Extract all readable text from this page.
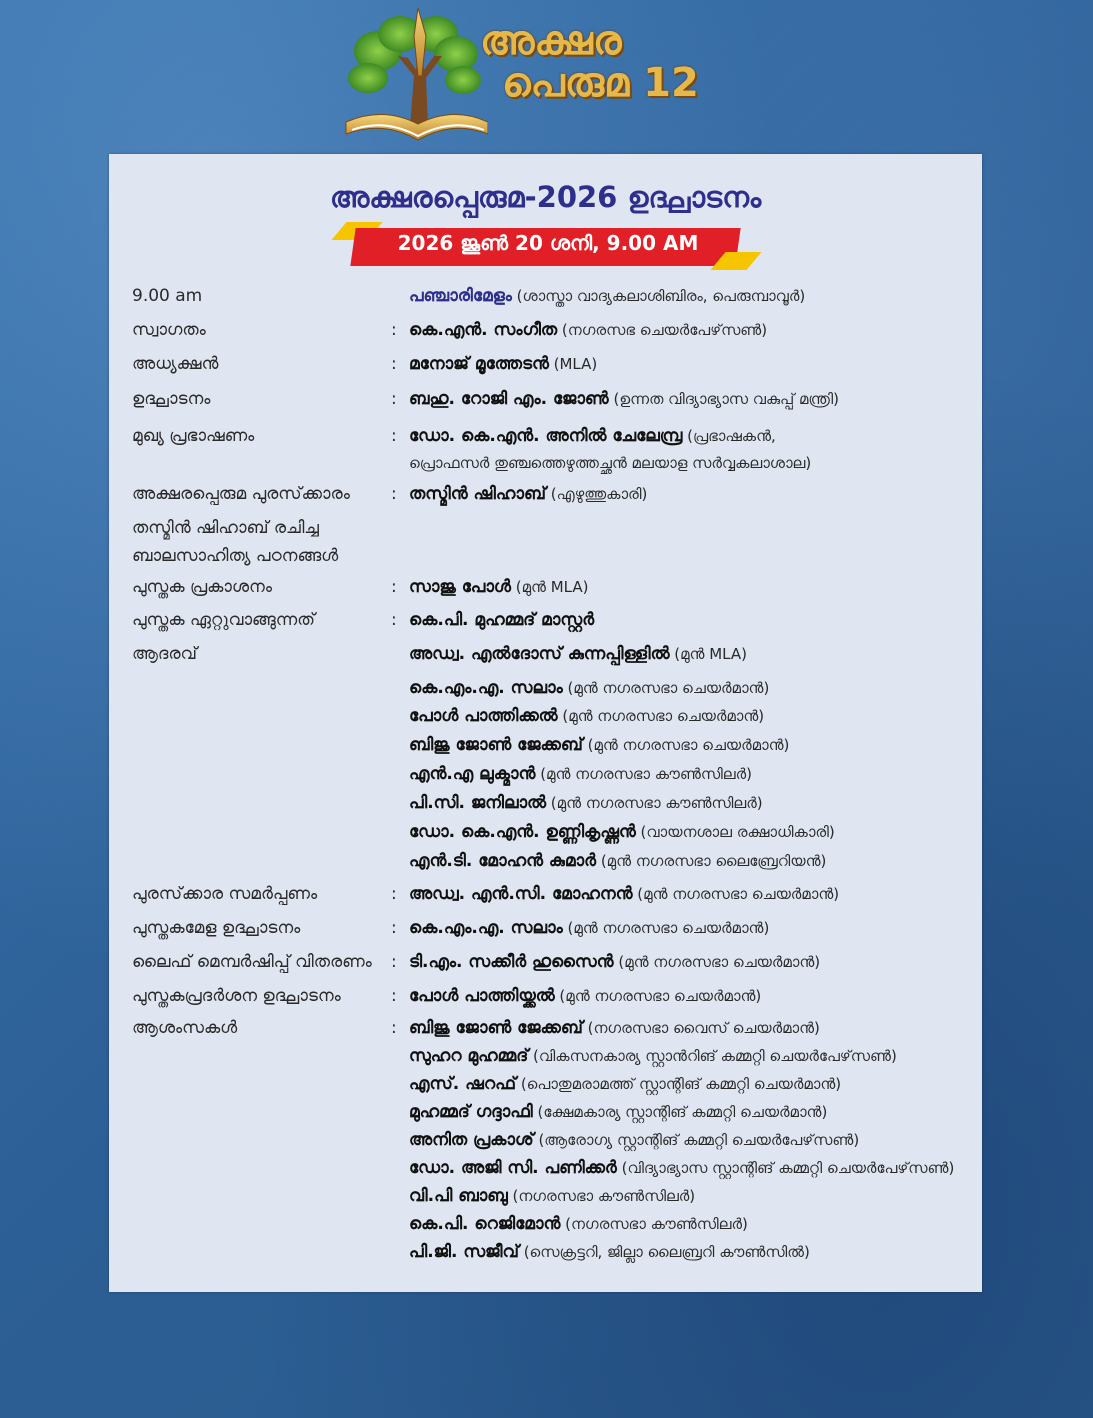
അക്ഷര
പെരുമ 12
അക്ഷരപ്പെരുമ-2026 ഉദ്ഘാടനം
2026 ജൂൺ 20 ശനി, 9.00 AM
9.00 am	പഞ്ചാരിമേളം (ശാസ്താ വാദ്യകലാശിബിരം, പെരുമ്പാവൂർ)
സ്വാഗതം	: കെ.എൻ. സംഗീത (നഗരസഭ ചെയർപേഴ്‌സൺ)
അധ്യക്ഷൻ	: മനോജ് മൂത്തേടൻ (MLA)
ഉദ്ഘാടനം	: ബഹു. റോജി എം. ജോൺ (ഉന്നത വിദ്യാഭ്യാസ വകുപ്പ് മന്ത്രി)
മുഖ്യ പ്രഭാഷണം	: ഡോ. കെ.എൻ. അനിൽ ചേലേമ്പ്ര (പ്രഭാഷകൻ,
പ്രൊഫസർ തുഞ്ചത്തെഴുത്തച്ഛൻ മലയാള സർവ്വകലാശാല)
അക്ഷരപ്പെരുമ പുരസ്‌ക്കാരം : തസ്മിൻ ഷിഹാബ് (എഴുത്തുകാരി)
തസ്മിൻ ഷിഹാബ് രചിച്ച
ബാലസാഹിത്യ പഠനങ്ങൾ
പുസ്തക പ്രകാശനം	: സാജു പോൾ (മുൻ MLA)
പുസ്തക ഏറ്റുവാങ്ങുന്നത്	: കെ.പി. മുഹമ്മദ് മാസ്റ്റർ
ആദരവ്	അഡ്വ. എൽദോസ് കുന്നപ്പിള്ളിൽ (മുൻ MLA)
കെ.എം.എ. സലാം (മുൻ നഗരസഭാ ചെയർമാൻ)
പോൾ പാത്തിക്കൽ (മുൻ നഗരസഭാ ചെയർമാൻ)
ബിജു ജോൺ ജേക്കബ് (മുൻ നഗരസഭാ ചെയർമാൻ)
എൻ.എ ലുക്മാൻ (മുൻ നഗരസഭാ കൗൺസിലർ)
പി.സി. ജനിലാൽ (മുൻ നഗരസഭാ കൗൺസിലർ)
ഡോ. കെ.എൻ. ഉണ്ണികൃഷ്ണൻ (വായനശാല രക്ഷാധികാരി)
എൻ.ടി. മോഹൻ കുമാർ (മുൻ നഗരസഭാ ലൈബ്രേറിയൻ)
പുരസ്‌ക്കാര സമർപ്പണം	: അഡ്വ. എൻ.സി. മോഹനൻ (മുൻ നഗരസഭാ ചെയർമാൻ)
പുസ്തകമേള ഉദ്ഘാടനം	: കെ.എം.എ. സലാം (മുൻ നഗരസഭാ ചെയർമാൻ)
ലൈഫ് മെമ്പർഷിപ്പ് വിതരണം : ടി.എം. സക്കീർ ഹുസൈൻ (മുൻ നഗരസഭാ ചെയർമാൻ)
പുസ്തകപ്രദർശന ഉദ്ഘാടനം	: പോൾ പാത്തിയ്ക്കൽ (മുൻ നഗരസഭാ ചെയർമാൻ)
ആശംസകൾ	: ബിജു ജോൺ ജേക്കബ് (നഗരസഭാ വൈസ് ചെയർമാൻ)
സുഹറ മുഹമ്മദ് (വികസനകാര്യ സ്റ്റാൻറിങ് കമ്മറ്റി ചെയർപേഴ്‌സൺ)
എസ്. ഷറഫ് (പൊതുമരാമത്ത് സ്റ്റാന്റിങ് കമ്മറ്റി ചെയർമാൻ)
മുഹമ്മദ് ഗദ്ദാഫി (ക്ഷേമകാര്യ സ്റ്റാന്റിങ് കമ്മറ്റി ചെയർമാൻ)
അനിത പ്രകാശ് (ആരോഗ്യ സ്റ്റാന്റിങ് കമ്മറ്റി ചെയർപേഴ്‌സൺ)
ഡോ. അജി സി. പണിക്കർ (വിദ്യാഭ്യാസ സ്റ്റാന്റിങ് കമ്മറ്റി ചെയർപേഴ്‌സൺ)
വി.പി ബാബു (നഗരസഭാ കൗൺസിലർ)
കെ.പി. റെജിമോൻ (നഗരസഭാ കൗൺസിലർ)
പി.ജി. സജീവ് (സെക്രട്ടറി, ജില്ലാ ലൈബ്രറി കൗൺസിൽ)
